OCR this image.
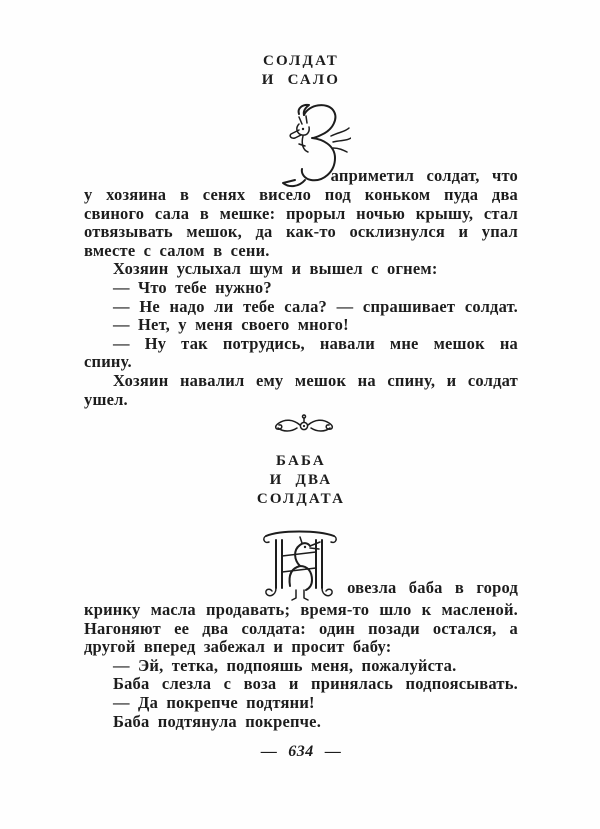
СОЛДАТ
И САЛО
априметил солдат, что
у хозяина в сенях висело под коньком пуда два
свиного сала в мешке: прорыл ночью крышу, стал
отвязывать мешок, да как-то осклизнулся и упал
вместе с салом в сени.
Хозяин услыхал шум и вышел с огнем:
— Что тебе нужно?
— Не надо ли тебе сала? — спрашивает солдат.
— Нет, у меня своего много!
— Ну так потрудись, навали мне мешок на
спину.
Хозяин навалил ему мешок на спину, и солдат
ушел.
БАБА
И ДВА
СОЛДАТА
овезла баба в город
кринку масла продавать; время-то шло к масленой.
Нагоняют ее два солдата: один позади остался, а
другой вперед забежал и просит бабу:
— Эй, тетка, подпояшь меня, пожалуйста.
Баба слезла с воза и принялась подпоясывать.
— Да покрепче подтяни!
Баба подтянула покрепче.
— 634 —
